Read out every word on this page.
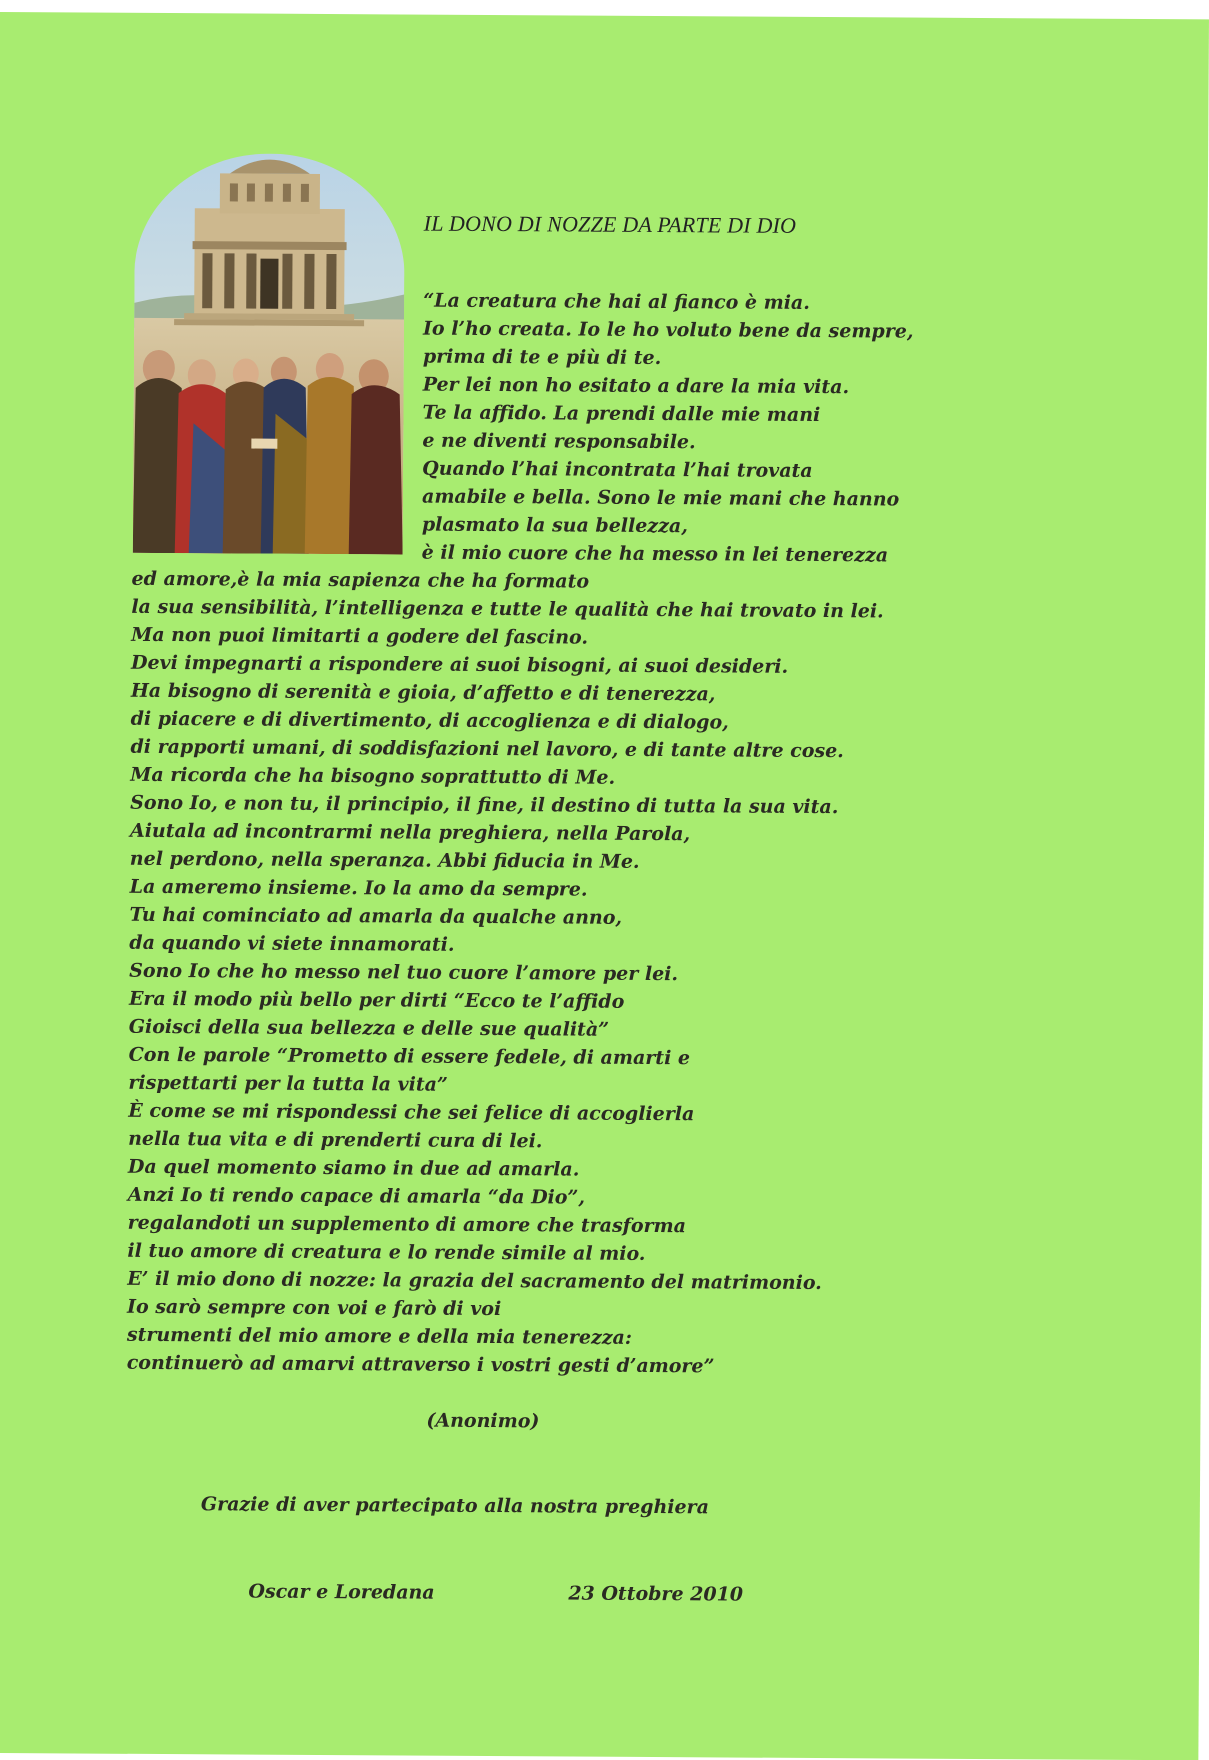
IL DONO DI NOZZE DA PARTE DI DIO
“La creatura che hai al fianco è mia.
Io l’ho creata. Io le ho voluto bene da sempre,
prima di te e più di te.
Per lei non ho esitato a dare la mia vita.
Te la affido. La prendi dalle mie mani
e ne diventi responsabile.
Quando l’hai incontrata l’hai trovata
amabile e bella. Sono le mie mani che hanno
plasmato la sua bellezza,
è il mio cuore che ha messo in lei tenerezza
ed amore,è la mia sapienza che ha formato
la sua sensibilità, l’intelligenza e tutte le qualità che hai trovato in lei.
Ma non puoi limitarti a godere del fascino.
Devi impegnarti a rispondere ai suoi bisogni, ai suoi desideri.
Ha bisogno di serenità e gioia, d’affetto e di tenerezza,
di piacere e di divertimento, di accoglienza e di dialogo,
di rapporti umani, di soddisfazioni nel lavoro, e di tante altre cose.
Ma ricorda che ha bisogno soprattutto di Me.
Sono Io, e non tu, il principio, il fine, il destino di tutta la sua vita.
Aiutala ad incontrarmi nella preghiera, nella Parola,
nel perdono, nella speranza. Abbi fiducia in Me.
La ameremo insieme. Io la amo da sempre.
Tu hai cominciato ad amarla da qualche anno,
da quando vi siete innamorati.
Sono Io che ho messo nel tuo cuore l’amore per lei.
Era il modo più bello per dirti “Ecco te l’affido
Gioisci della sua bellezza e delle sue qualità”
Con le parole “Prometto di essere fedele, di amarti e
rispettarti per la tutta la vita”
È come se mi rispondessi che sei felice di accoglierla
nella tua vita e di prenderti cura di lei.
Da quel momento siamo in due ad amarla.
Anzi Io ti rendo capace di amarla “da Dio”,
regalandoti un supplemento di amore che trasforma
il tuo amore di creatura e lo rende simile al mio.
E’ il mio dono di nozze: la grazia del sacramento del matrimonio.
Io sarò sempre con voi e farò di voi
strumenti del mio amore e della mia tenerezza:
continuerò ad amarvi attraverso i vostri gesti d’amore”
(Anonimo)
Grazie di aver partecipato alla nostra preghiera
Oscar e Loredana	23 Ottobre 2010
